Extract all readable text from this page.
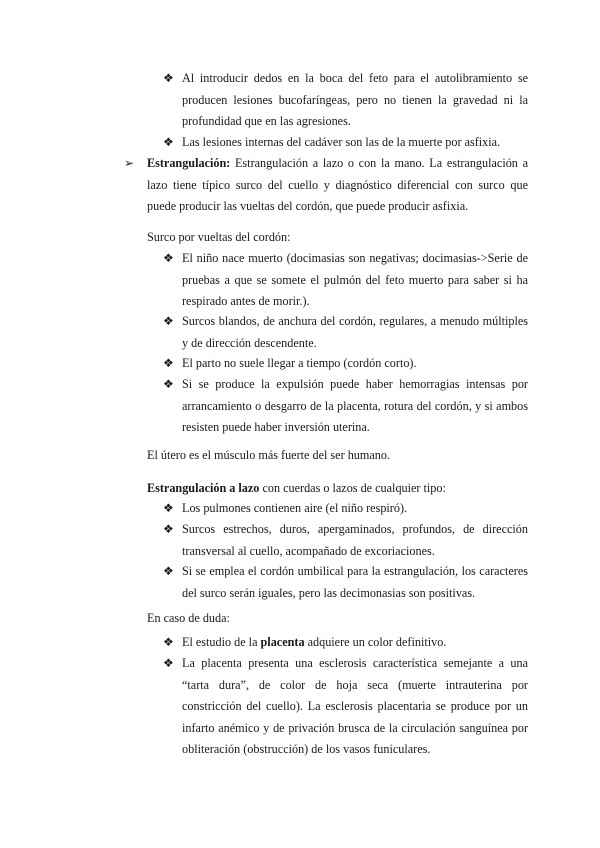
❖ Al introducir dedos en la boca del feto para el autolibramiento se producen lesiones bucofaríngeas, pero no tienen la gravedad ni la profundidad que en las agresiones.

❖ Las lesiones internas del cadáver son las de la muerte por asfixia.

➢	Estrangulación: Estrangulación a lazo o con la mano. La estrangulación a lazo tiene típico surco del cuello y diagnóstico diferencial con surco que puede producir las vueltas del cordón, que puede producir asfixia.

Surco por vueltas del cordón:

❖ El niño nace muerto (docimasias son negativas; docimasias->Serie de pruebas a que se somete el pulmón del feto muerto para saber si ha respirado antes de morir.).

❖ Surcos blandos, de anchura del cordón, regulares, a menudo múltiples y de dirección descendente.

❖ El parto no suele llegar a tiempo (cordón corto).

❖ Si se produce la expulsión puede haber hemorragias intensas por arrancamiento o desgarro de la placenta, rotura del cordón, y si ambos resisten puede haber inversión uterina.

El útero es el músculo más fuerte del ser humano.

Estrangulación a lazo con cuerdas o lazos de cualquier tipo:

❖ Los pulmones contienen aire (el niño respiró).

❖ Surcos estrechos, duros, apergaminados, profundos, de dirección transversal al cuello, acompañado de excoriaciones.

❖ Si se emplea el cordón umbilical para la estrangulación, los caracteres del surco serán iguales, pero las decimonasias son positivas.

En caso de duda:

❖ El estudio de la placenta adquiere un color definitivo.

❖ La placenta presenta una esclerosis característica semejante a una “tarta dura”, de color de hoja seca (muerte intrauterina por constricción del cuello). La esclerosis placentaria se produce por un infarto anémico y de privación brusca de la circulación sanguínea por obliteración (obstrucción) de los vasos funiculares.
